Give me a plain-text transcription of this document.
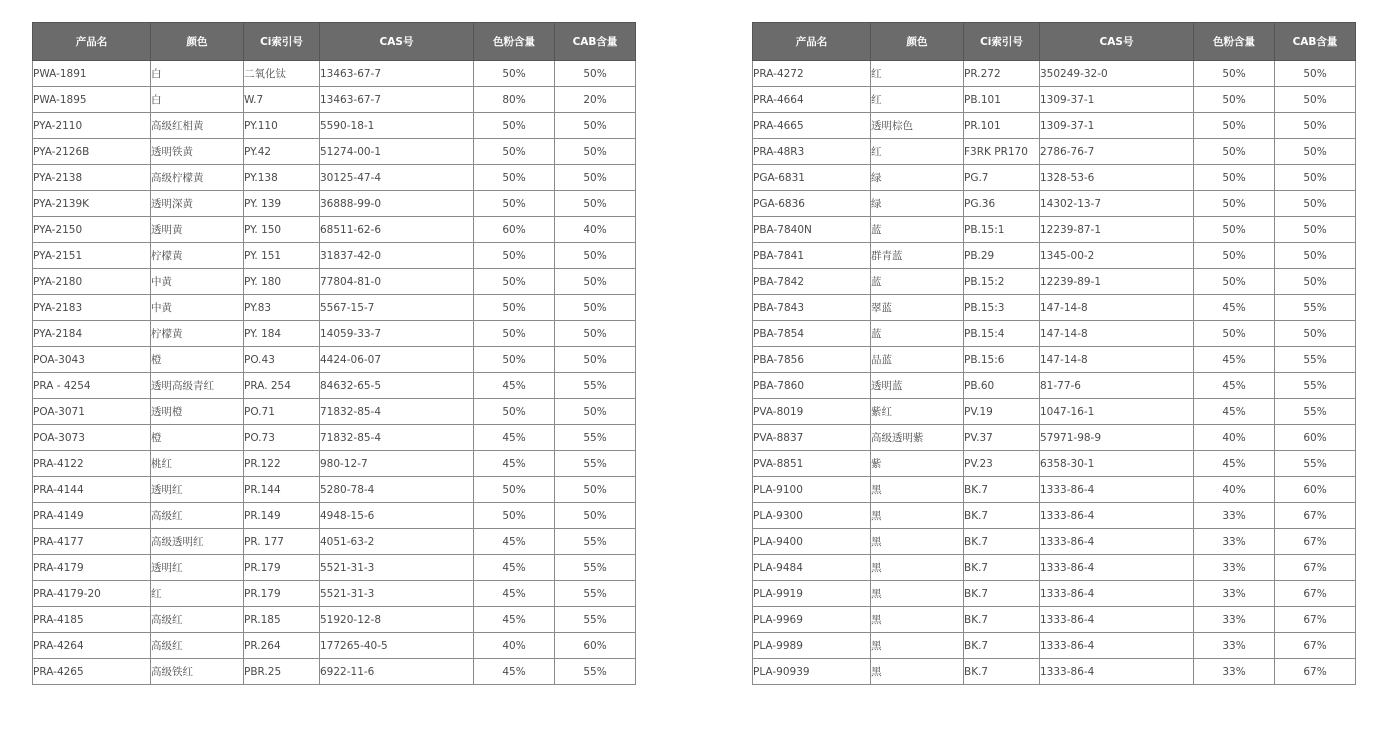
产品名	颜色	Ci索引号	CAS号	色粉含量	CAB含量
PWA-1891	白	二氧化钛	13463-67-7	50%	50%
PWA-1895	白	W.7	13463-67-7	80%	20%
PYA-2110	高级红相黄	PY.110	5590-18-1	50%	50%
PYA-2126B	透明铁黄	PY.42	51274-00-1	50%	50%
PYA-2138	高级柠檬黄	PY.138	30125-47-4	50%	50%
PYA-2139K	透明深黄	PY. 139	36888-99-0	50%	50%
PYA-2150	透明黄	PY. 150	68511-62-6	60%	40%
PYA-2151	柠檬黄	PY. 151	31837-42-0	50%	50%
PYA-2180	中黄	PY. 180	77804-81-0	50%	50%
PYA-2183	中黄	PY.83	5567-15-7	50%	50%
PYA-2184	柠檬黄	PY. 184	14059-33-7	50%	50%
POA-3043	橙	PO.43	4424-06-07	50%	50%
PRA - 4254	透明高级青红	PRA. 254	84632-65-5	45%	55%
POA-3071	透明橙	PO.71	71832-85-4	50%	50%
POA-3073	橙	PO.73	71832-85-4	45%	55%
PRA-4122	桃红	PR.122	980-12-7	45%	55%
PRA-4144	透明红	PR.144	5280-78-4	50%	50%
PRA-4149	高级红	PR.149	4948-15-6	50%	50%
PRA-4177	高级透明红	PR. 177	4051-63-2	45%	55%
PRA-4179	透明红	PR.179	5521-31-3	45%	55%
PRA-4179-20	红	PR.179	5521-31-3	45%	55%
PRA-4185	高级红	PR.185	51920-12-8	45%	55%
PRA-4264	高级红	PR.264	177265-40-5	40%	60%
PRA-4265	高级铁红	PBR.25	6922-11-6	45%	55%
产品名	颜色	Ci索引号	CAS号	色粉含量	CAB含量
PRA-4272	红	PR.272	350249-32-0	50%	50%
PRA-4664	红	PB.101	1309-37-1	50%	50%
PRA-4665	透明棕色	PR.101	1309-37-1	50%	50%
PRA-48R3	红	F3RK PR170	2786-76-7	50%	50%
PGA-6831	绿	PG.7	1328-53-6	50%	50%
PGA-6836	绿	PG.36	14302-13-7	50%	50%
PBA-7840N	蓝	PB.15:1	12239-87-1	50%	50%
PBA-7841	群青蓝	PB.29	1345-00-2	50%	50%
PBA-7842	蓝	PB.15:2	12239-89-1	50%	50%
PBA-7843	翠蓝	PB.15:3	147-14-8	45%	55%
PBA-7854	蓝	PB.15:4	147-14-8	50%	50%
PBA-7856	品蓝	PB.15:6	147-14-8	45%	55%
PBA-7860	透明蓝	PB.60	81-77-6	45%	55%
PVA-8019	紫红	PV.19	1047-16-1	45%	55%
PVA-8837	高级透明紫	PV.37	57971-98-9	40%	60%
PVA-8851	紫	PV.23	6358-30-1	45%	55%
PLA-9100	黑	BK.7	1333-86-4	40%	60%
PLA-9300	黑	BK.7	1333-86-4	33%	67%
PLA-9400	黑	BK.7	1333-86-4	33%	67%
PLA-9484	黑	BK.7	1333-86-4	33%	67%
PLA-9919	黑	BK.7	1333-86-4	33%	67%
PLA-9969	黑	BK.7	1333-86-4	33%	67%
PLA-9989	黑	BK.7	1333-86-4	33%	67%
PLA-90939	黑	BK.7	1333-86-4	33%	67%
